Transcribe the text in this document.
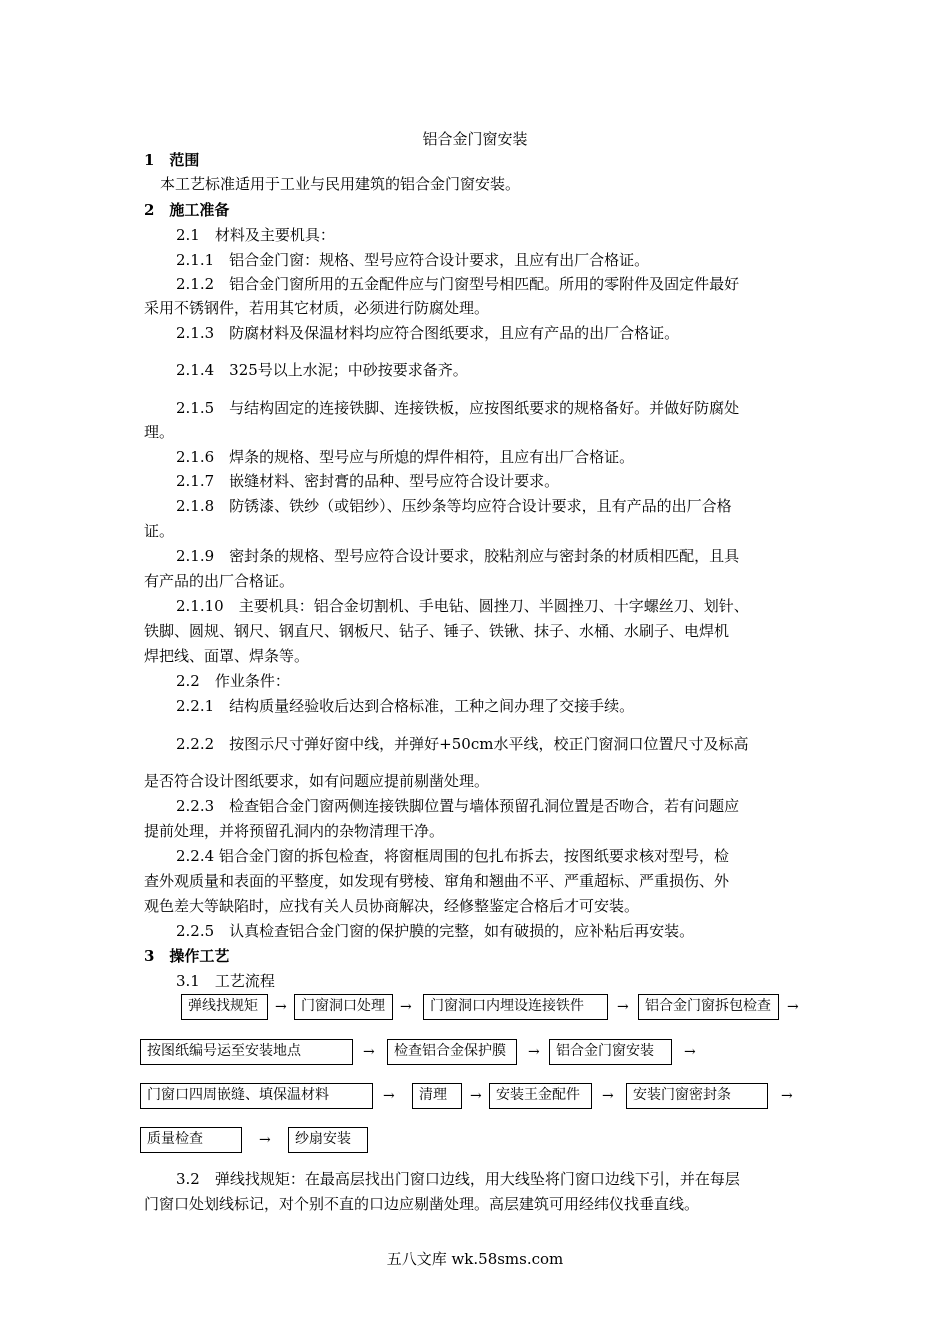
铝合金门窗安装
1　范围
本工艺标准适用于工业与民用建筑的铝合金门窗安装。
2　施工准备
2.1　材料及主要机具：
2.1.1　铝合金门窗：规格、型号应符合设计要求，且应有出厂合格证。
2.1.2　铝合金门窗所用的五金配件应与门窗型号相匹配。所用的零附件及固定件最好
采用不锈钢件，若用其它材质，必须进行防腐处理。
2.1.3　防腐材料及保温材料均应符合图纸要求，且应有产品的出厂合格证。
2.1.4　325号以上水泥；中砂按要求备齐。
2.1.5　与结构固定的连接铁脚、连接铁板，应按图纸要求的规格备好。并做好防腐处
理。
2.1.6　焊条的规格、型号应与所熄的焊件相符，且应有出厂合格证。
2.1.7　嵌缝材料、密封膏的品种、型号应符合设计要求。
2.1.8　防锈漆、铁纱（或铝纱）、压纱条等均应符合设计要求，且有产品的出厂合格
证。
2.1.9　密封条的规格、型号应符合设计要求，胶粘剂应与密封条的材质相匹配，且具
有产品的出厂合格证。
2.1.10　主要机具：铝合金切割机、手电钻、圆挫刀、半圆挫刀、十字螺丝刀、划针、
铁脚、圆规、钢尺、钢直尺、钢板尺、钻子、锤子、铁锹、抹子、水桶、水刷子、电焊机
焊把线、面罩、焊条等。
2.2　作业条件：
2.2.1　结构质量经验收后达到合格标准，工种之间办理了交接手续。
2.2.2　按图示尺寸弹好窗中线，并弹好+50cm水平线，校正门窗洞口位置尺寸及标高
是否符合设计图纸要求，如有问题应提前剔凿处理。
2.2.3　检查铝合金门窗两侧连接铁脚位置与墙体预留孔洞位置是否吻合，若有问题应
提前处理，并将预留孔洞内的杂物清理干净。
2.2.4 铝合金门窗的拆包检查，将窗框周围的包扎布拆去，按图纸要求核对型号，检
查外观质量和表面的平整度，如发现有劈棱、窜角和翘曲不平、严重超标、严重损伤、外
观色差大等缺陷时，应找有关人员协商解决，经修整鉴定合格后才可安装。
2.2.5　认真检查铝合金门窗的保护膜的完整，如有破损的，应补粘后再安装。
3　操作工艺
3.1　工艺流程
弹线找规矩	→	门窗洞口处理	→	门窗洞口内埋设连接铁件	→	铝合金门窗拆包检查	→
按图纸编号运至安装地点	→	检查铝合金保护膜	→	铝合金门窗安装	→
门窗口四周嵌缝、填保温材料	→	清理	→	安装王金配件	→	安装门窗密封条	→
质量检查	→	纱扇安装
3.2　弹线找规矩：在最高层找出门窗口边线，用大线坠将门窗口边线下引，并在每层
门窗口处划线标记，对个别不直的口边应剔凿处理。高层建筑可用经纬仪找垂直线。
五八文库 wk.58sms.com
